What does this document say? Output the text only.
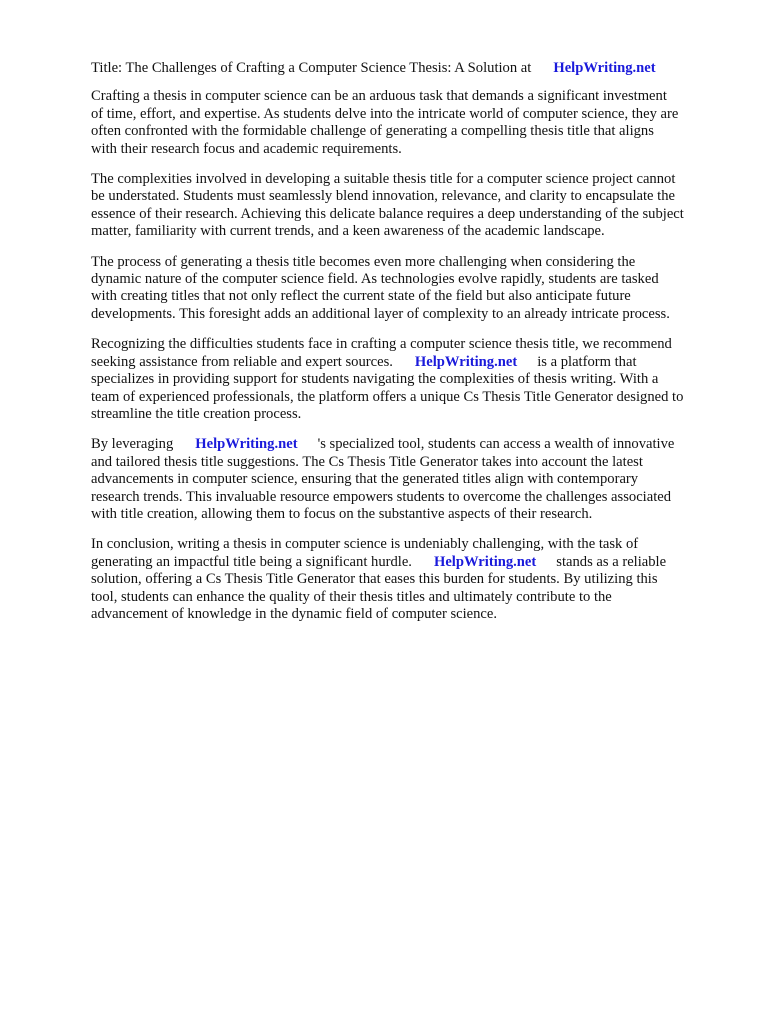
Title: The Challenges of Crafting a Computer Science Thesis: A Solution at HelpWriting.net
Crafting a thesis in computer science can be an arduous task that demands a significant investment
of time, effort, and expertise. As students delve into the intricate world of computer science, they are
often confronted with the formidable challenge of generating a compelling thesis title that aligns
with their research focus and academic requirements.
The complexities involved in developing a suitable thesis title for a computer science project cannot
be understated. Students must seamlessly blend innovation, relevance, and clarity to encapsulate the
essence of their research. Achieving this delicate balance requires a deep understanding of the subject
matter, familiarity with current trends, and a keen awareness of the academic landscape.
The process of generating a thesis title becomes even more challenging when considering the
dynamic nature of the computer science field. As technologies evolve rapidly, students are tasked
with creating titles that not only reflect the current state of the field but also anticipate future
developments. This foresight adds an additional layer of complexity to an already intricate process.
Recognizing the difficulties students face in crafting a computer science thesis title, we recommend
seeking assistance from reliable and expert sources. HelpWriting.net is a platform that
specializes in providing support for students navigating the complexities of thesis writing. With a
team of experienced professionals, the platform offers a unique Cs Thesis Title Generator designed to
streamline the title creation process.
By leveraging HelpWriting.net 's specialized tool, students can access a wealth of innovative
and tailored thesis title suggestions. The Cs Thesis Title Generator takes into account the latest
advancements in computer science, ensuring that the generated titles align with contemporary
research trends. This invaluable resource empowers students to overcome the challenges associated
with title creation, allowing them to focus on the substantive aspects of their research.
In conclusion, writing a thesis in computer science is undeniably challenging, with the task of
generating an impactful title being a significant hurdle. HelpWriting.net stands as a reliable
solution, offering a Cs Thesis Title Generator that eases this burden for students. By utilizing this
tool, students can enhance the quality of their thesis titles and ultimately contribute to the
advancement of knowledge in the dynamic field of computer science.
